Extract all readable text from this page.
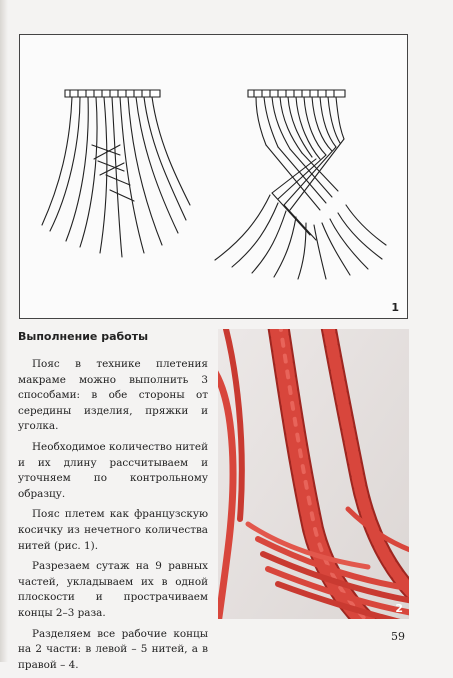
1
Выполнение работы

Пояс в технике плетения макраме можно выполнить 3 способами: в обе стороны от середины изделия, пряжки и уголка.

Необходимое количество нитей и их длину рассчитываем и уточняем по контрольному образцу.

Пояс плетем как французскую косичку из нечетного количества нитей (рис. 1).

Разрезаем сутаж на 9 равных частей, укладываем их в одной плоскости и прострачиваем концы 2–3 раза.

Разделяем все рабочие концы на 2 части: в левой – 5 нитей, а в правой – 4.

2
59
